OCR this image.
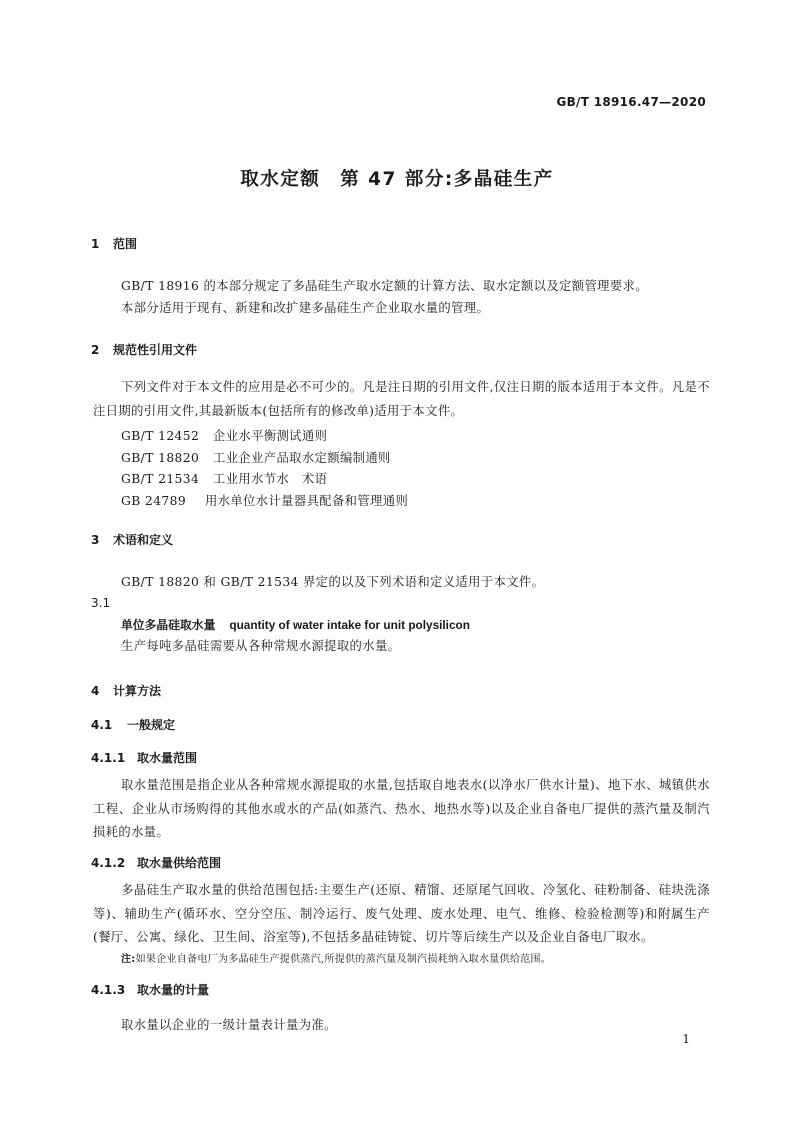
GB/T 18916.47—2020
取水定额　第 47 部分:多晶硅生产
1 范围
GB/T 18916 的本部分规定了多晶硅生产取水定额的计算方法、取水定额以及定额管理要求。
本部分适用于现有、新建和改扩建多晶硅生产企业取水量的管理。
2 规范性引用文件
下列文件对于本文件的应用是必不可少的。凡是注日期的引用文件,仅注日期的版本适用于本文件。凡是不注日期的引用文件,其最新版本(包括所有的修改单)适用于本文件。
GB/T 12452 企业水平衡测试通则
GB/T 18820 工业企业产品取水定额编制通则
GB/T 21534 工业用水节水　术语
GB 24789 用水单位水计量器具配备和管理通则
3 术语和定义
GB/T 18820 和 GB/T 21534 界定的以及下列术语和定义适用于本文件。
3.1
单位多晶硅取水量 quantity of water intake for unit polysilicon
生产每吨多晶硅需要从各种常规水源提取的水量。
4 计算方法
4.1 一般规定
4.1.1 取水量范围
取水量范围是指企业从各种常规水源提取的水量,包括取自地表水(以净水厂供水计量)、地下水、城镇供水工程、企业从市场购得的其他水或水的产品(如蒸汽、热水、地热水等)以及企业自备电厂提供的蒸汽量及制汽损耗的水量。
4.1.2 取水量供给范围
多晶硅生产取水量的供给范围包括:主要生产(还原、精馏、还原尾气回收、冷氢化、硅粉制备、硅块洗涤等)、辅助生产(循环水、空分空压、制冷运行、废气处理、废水处理、电气、维修、检验检测等)和附属生产(餐厅、公寓、绿化、卫生间、浴室等),不包括多晶硅铸锭、切片等后续生产以及企业自备电厂取水。
注:如果企业自备电厂为多晶硅生产提供蒸汽,所提供的蒸汽量及制汽损耗纳入取水量供给范围。
4.1.3 取水量的计量
取水量以企业的一级计量表计量为准。
1
